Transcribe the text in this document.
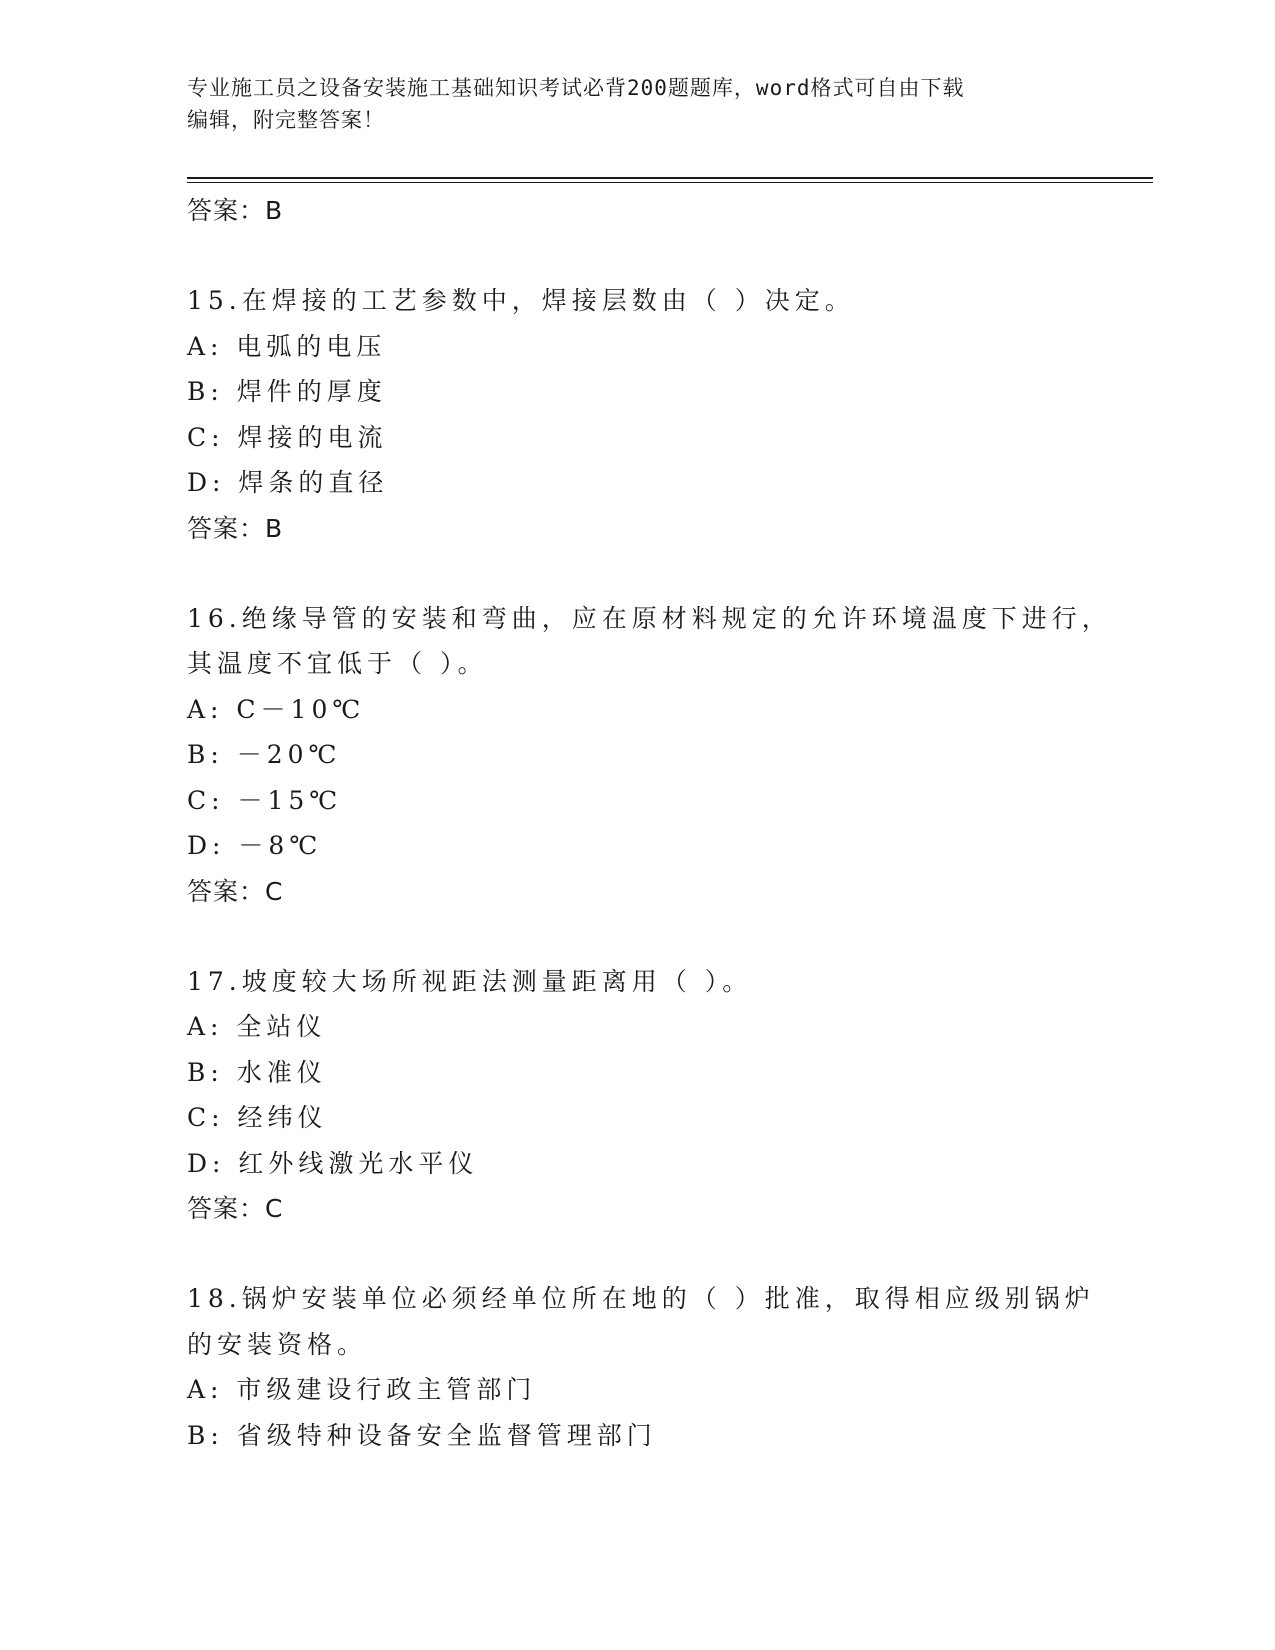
专业施工员之设备安装施工基础知识考试必背200题题库，word格式可自由下载
编辑，附完整答案！
答案：B
15.在焊接的工艺参数中，焊接层数由（ ）决定。
A: 电弧的电压
B: 焊件的厚度
C: 焊接的电流
D: 焊条的直径
答案：B
16.绝缘导管的安装和弯曲，应在原材料规定的允许环境温度下进行，
其温度不宜低于（ ）。
A: C－10℃
B: －20℃
C: －15℃
D: －8℃
答案：C
17.坡度较大场所视距法测量距离用（ ）。
A: 全站仪
B: 水准仪
C: 经纬仪
D: 红外线激光水平仪
答案：C
18.锅炉安装单位必须经单位所在地的（ ）批准，取得相应级别锅炉
的安装资格。
A: 市级建设行政主管部门
B: 省级特种设备安全监督管理部门
